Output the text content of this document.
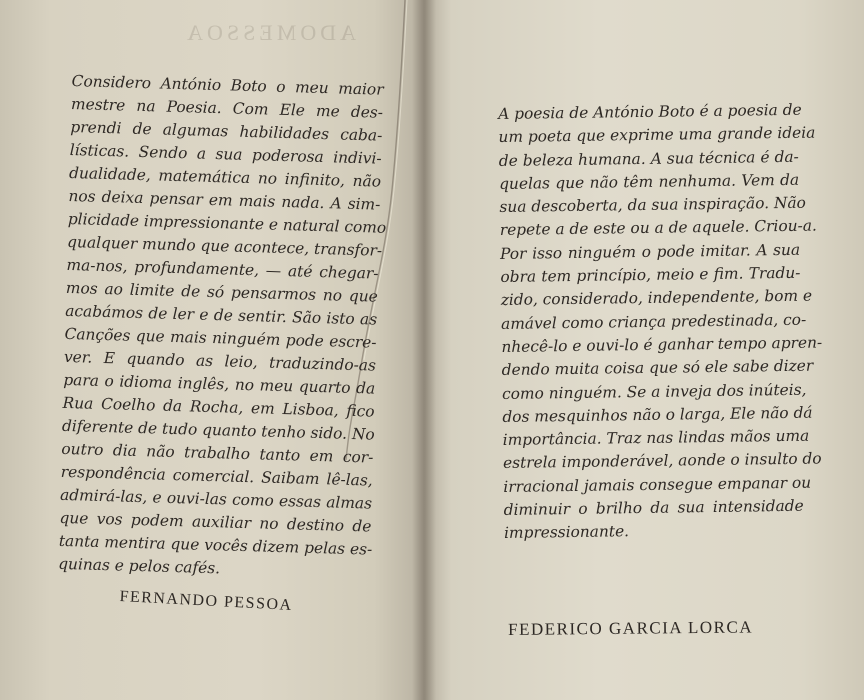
ADOMESSOA
Considero António Boto o meu maior
mestre na Poesia. Com Ele me des-
prendi de algumas habilidades caba-
lísticas. Sendo a sua poderosa indivi-
dualidade, matemática no infinito, não
nos deixa pensar em mais nada. A sim-
plicidade impressionante e natural como
qualquer mundo que acontece, transfor-
ma-nos, profundamente, — até chegar-
mos ao limite de só pensarmos no que
acabámos de ler e de sentir. São isto as
Canções que mais ninguém pode escre-
ver. E quando as leio, traduzindo-as
para o idioma inglês, no meu quarto da
Rua Coelho da Rocha, em Lisboa, fico
diferente de tudo quanto tenho sido. No
outro dia não trabalho tanto em cor-
respondência comercial. Saibam lê-las,
admirá-las, e ouvi-las como essas almas
que vos podem auxiliar no destino de
tanta mentira que vocês dizem pelas es-
quinas e pelos cafés.
FERNANDO PESSOA
A poesia de António Boto é a poesia de
um poeta que exprime uma grande ideia
de beleza humana. A sua técnica é da-
quelas que não têm nenhuma. Vem da
sua descoberta, da sua inspiração. Não
repete a de este ou a de aquele. Criou-a.
Por isso ninguém o pode imitar. A sua
obra tem princípio, meio e fim. Tradu-
zido, considerado, independente, bom e
amável como criança predestinada, co-
nhecê-lo e ouvi-lo é ganhar tempo apren-
dendo muita coisa que só ele sabe dizer
como ninguém. Se a inveja dos inúteis,
dos mesquinhos não o larga, Ele não dá
importância. Traz nas lindas mãos uma
estrela imponderável, aonde o insulto do
irracional jamais consegue empanar ou
diminuir o brilho da sua intensidade
impressionante.
FEDERICO GARCIA LORCA
